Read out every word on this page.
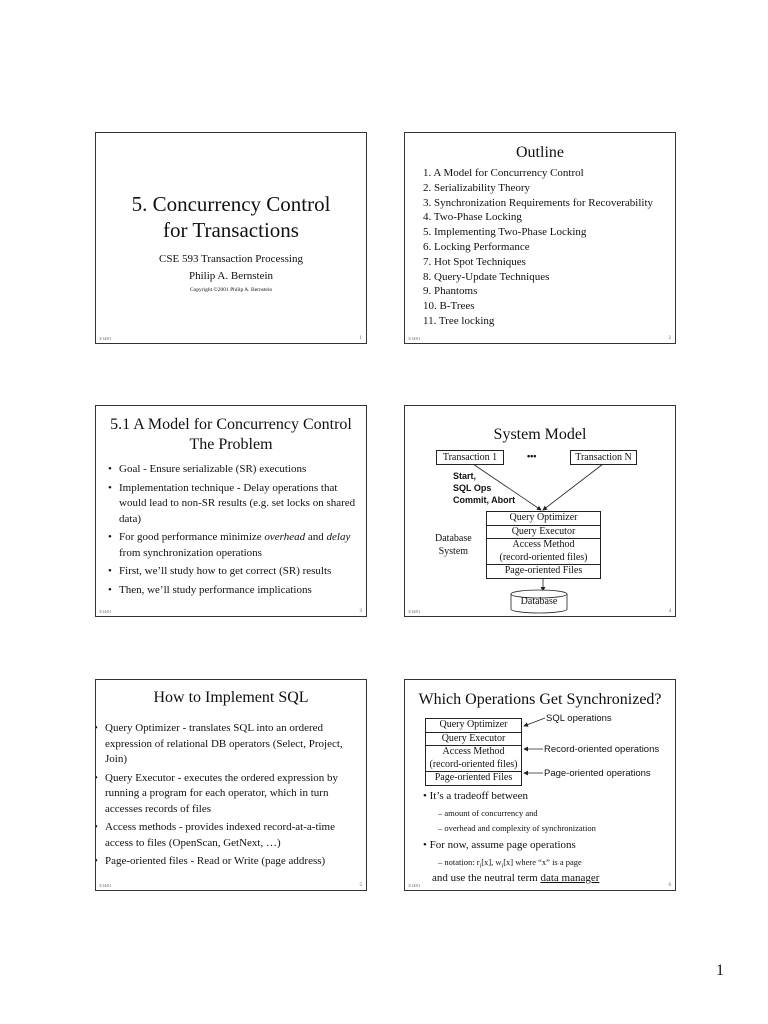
5. Concurrency Control
for Transactions
CSE 593 Transaction Processing
Philip A. Bernstein
Copyright ©2001 Philip A. Bernstein
3/14/01	1
Outline
1. A Model for Concurrency Control
2. Serializability Theory
3. Synchronization Requirements for Recoverability
4. Two-Phase Locking
5. Implementing Two-Phase Locking
6. Locking Performance
7. Hot Spot Techniques
8. Query-Update Techniques
9. Phantoms
10. B-Trees
11. Tree locking
3/14/01	2
5.1 A Model for Concurrency Control
The Problem
• Goal - Ensure serializable (SR) executions
• Implementation technique - Delay operations that would lead to non-SR results (e.g. set locks on shared data)
• For good performance minimize overhead and delay from synchronization operations
• First, we’ll study how to get correct (SR) results
• Then, we’ll study performance implications
3/14/01	3
System Model
Transaction 1	•••	Transaction N
Start,
SQL Ops
Commit, Abort
Database
System
Query Optimizer
Query Executor
Access Method
(record-oriented files)
Page-oriented Files
Database
3/14/01	4
How to Implement SQL
• Query Optimizer - translates SQL into an ordered expression of relational DB operators (Select, Project, Join)
• Query Executor - executes the ordered expression by running a program for each operator, which in turn accesses records of files
• Access methods - provides indexed record-at-a-time access to files (OpenScan, GetNext, …)
• Page-oriented files - Read or Write (page address)
3/14/01	5
Which Operations Get Synchronized?
Query Optimizer
Query Executor
Access Method
(record-oriented files)
Page-oriented Files
SQL operations
Record-oriented operations
Page-oriented operations
• It’s a tradeoff between
– amount of concurrency and
– overhead and complexity of synchronization
• For now, assume page operations
– notation: $r_i[x]$, $w_i[x]$ where “x” is a page
and use the neutral term data manager
3/14/01	6
1
